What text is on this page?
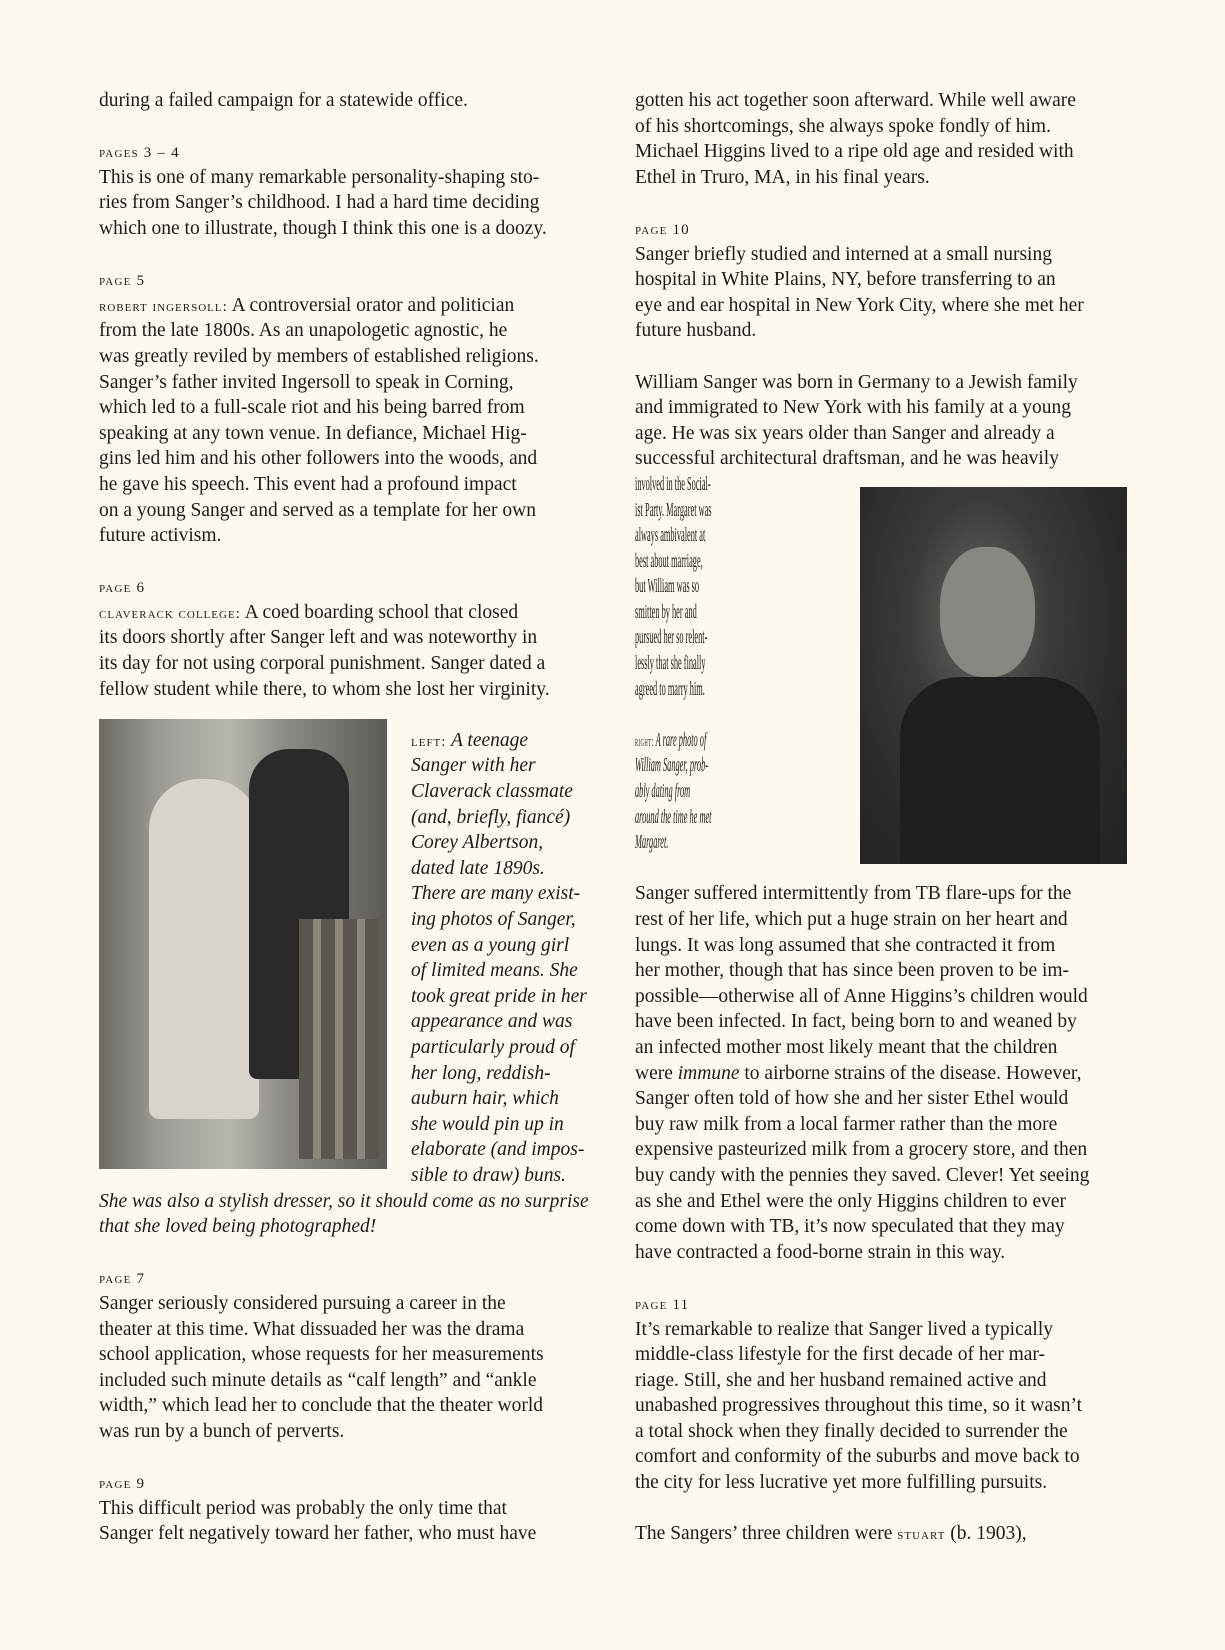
during a failed campaign for a statewide office.
pages 3 – 4
This is one of many remarkable personality-shaping sto-
ries from Sanger’s childhood. I had a hard time deciding
which one to illustrate, though I think this one is a doozy.
page 5
robert ingersoll: A controversial orator and politician
from the late 1800s. As an unapologetic agnostic, he
was greatly reviled by members of established religions.
Sanger’s father invited Ingersoll to speak in Corning,
which led to a full-scale riot and his being barred from
speaking at any town venue. In defiance, Michael Hig-
gins led him and his other followers into the woods, and
he gave his speech. This event had a profound impact
on a young Sanger and served as a template for her own
future activism.
page 6
claverack college: A coed boarding school that closed
its doors shortly after Sanger left and was noteworthy in
its day for not using corporal punishment. Sanger dated a
fellow student while there, to whom she lost her virginity.
left: A teenage
Sanger with her
Claverack classmate
(and, briefly, fiancé)
Corey Albertson,
dated late 1890s.
There are many exist-
ing photos of Sanger,
even as a young girl
of limited means. She
took great pride in her
appearance and was
particularly proud of
her long, reddish-
auburn hair, which
she would pin up in
elaborate (and impos-
sible to draw) buns.
She was also a stylish dresser, so it should come as no surprise
that she loved being photographed!
page 7
Sanger seriously considered pursuing a career in the
theater at this time. What dissuaded her was the drama
school application, whose requests for her measurements
included such minute details as “calf length” and “ankle
width,” which lead her to conclude that the theater world
was run by a bunch of perverts.
page 9
This difficult period was probably the only time that
Sanger felt negatively toward her father, who must have
gotten his act together soon afterward. While well aware
of his shortcomings, she always spoke fondly of him.
Michael Higgins lived to a ripe old age and resided with
Ethel in Truro, MA, in his final years.
page 10
Sanger briefly studied and interned at a small nursing
hospital in White Plains, NY, before transferring to an
eye and ear hospital in New York City, where she met her
future husband.
William Sanger was born in Germany to a Jewish family
and immigrated to New York with his family at a young
age. He was six years older than Sanger and already a
successful architectural draftsman, and he was heavily
involved in the Social-
ist Party. Margaret was
always ambivalent at
best about marriage,
but William was so
smitten by her and
pursued her so relent-
lessly that she finally
agreed to marry him.
right: A rare photo of
William Sanger, prob-
ably dating from
around the time he met
Margaret.
Sanger suffered intermittently from TB flare-ups for the
rest of her life, which put a huge strain on her heart and
lungs. It was long assumed that she contracted it from
her mother, though that has since been proven to be im-
possible—otherwise all of Anne Higgins’s children would
have been infected. In fact, being born to and weaned by
an infected mother most likely meant that the children
were immune to airborne strains of the disease. However,
Sanger often told of how she and her sister Ethel would
buy raw milk from a local farmer rather than the more
expensive pasteurized milk from a grocery store, and then
buy candy with the pennies they saved. Clever! Yet seeing
as she and Ethel were the only Higgins children to ever
come down with TB, it’s now speculated that they may
have contracted a food-borne strain in this way.
page 11
It’s remarkable to realize that Sanger lived a typically
middle-class lifestyle for the first decade of her mar-
riage. Still, she and her husband remained active and
unabashed progressives throughout this time, so it wasn’t
a total shock when they finally decided to surrender the
comfort and conformity of the suburbs and move back to
the city for less lucrative yet more fulfilling pursuits.
The Sangers’ three children were stuart (b. 1903),
